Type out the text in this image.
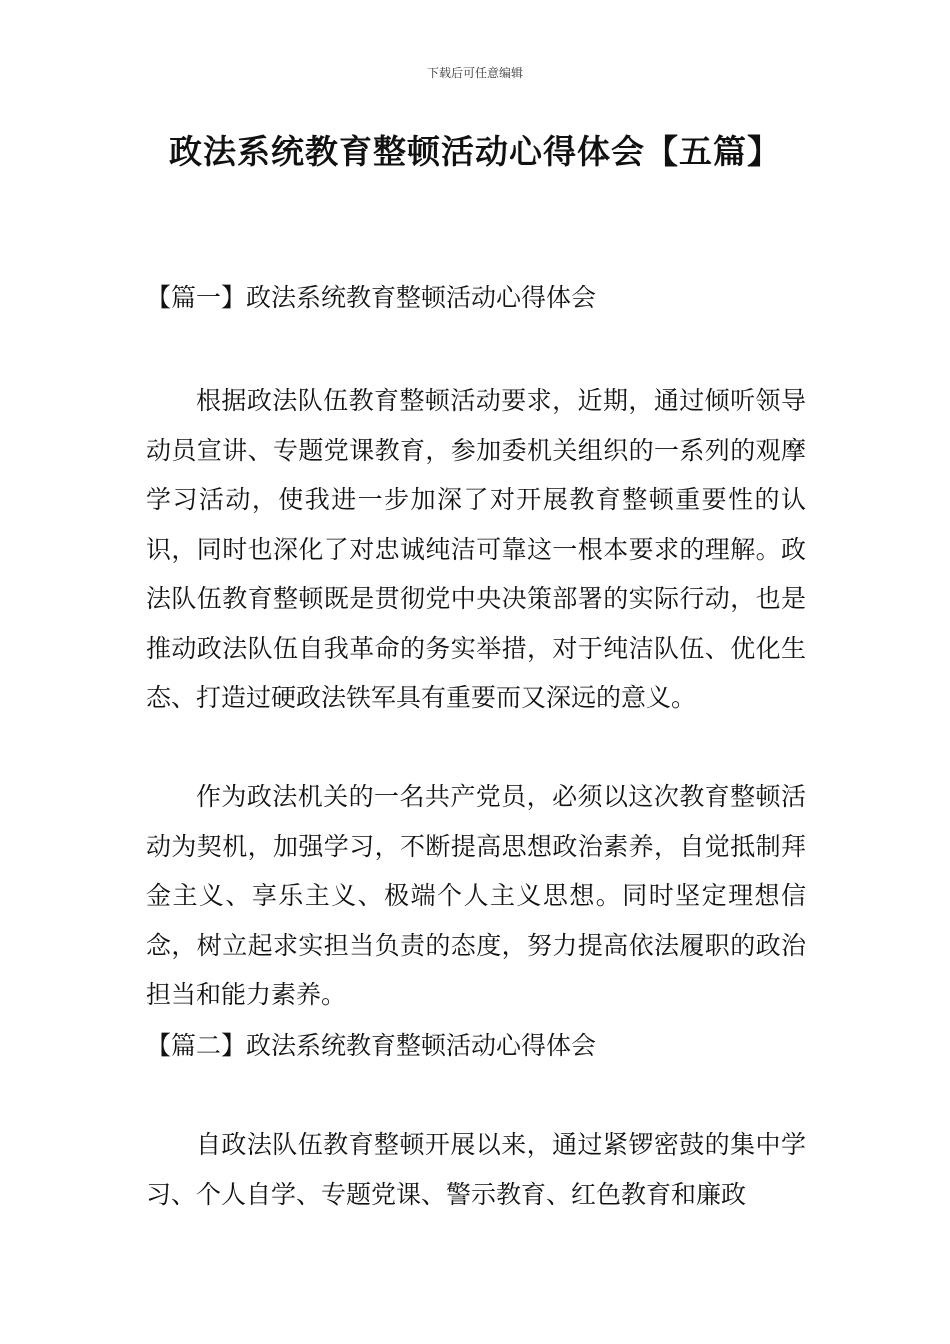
下载后可任意编辑
政法系统教育整顿活动心得体会【五篇】
【篇一】政法系统教育整顿活动心得体会

根据政法队伍教育整顿活动要求，近期，通过倾听领导动员宣讲、专题党课教育，参加委机关组织的一系列的观摩学习活动，使我进一步加深了对开展教育整顿重要性的认识，同时也深化了对忠诚纯洁可靠这一根本要求的理解。政法队伍教育整顿既是贯彻党中央决策部署的实际行动，也是推动政法队伍自我革命的务实举措，对于纯洁队伍、优化生态、打造过硬政法铁军具有重要而又深远的意义。

作为政法机关的一名共产党员，必须以这次教育整顿活动为契机，加强学习，不断提高思想政治素养，自觉抵制拜金主义、享乐主义、极端个人主义思想。同时坚定理想信念，树立起求实担当负责的态度，努力提高依法履职的政治担当和能力素养。

【篇二】政法系统教育整顿活动心得体会

自政法队伍教育整顿开展以来，通过紧锣密鼓的集中学习、个人自学、专题党课、警示教育、红色教育和廉政
